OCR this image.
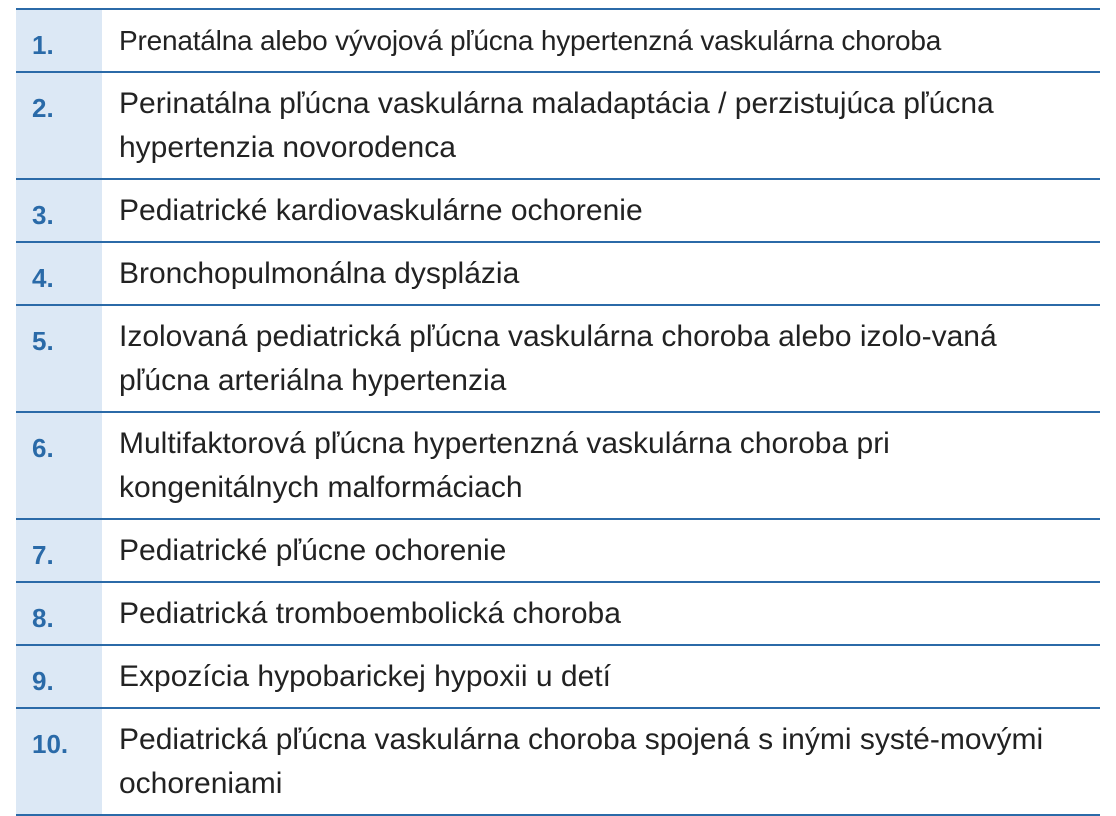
1.	Prenatálna alebo vývojová pľúcna hypertenzná vaskulárna choroba
2.	Perinatálna pľúcna vaskulárna maladaptácia / perzistujúca pľúcna hypertenzia novorodenca
3.	Pediatrické kardiovaskulárne ochorenie
4.	Bronchopulmonálna dysplázia
5.	Izolovaná pediatrická pľúcna vaskulárna choroba alebo izolo-vaná pľúcna arteriálna hypertenzia
6.	Multifaktorová pľúcna hypertenzná vaskulárna choroba pri kongenitálnych malformáciach
7.	Pediatrické pľúcne ochorenie
8.	Pediatrická tromboembolická choroba
9.	Expozícia hypobarickej hypoxii u detí
10.	Pediatrická pľúcna vaskulárna choroba spojená s inými systé-movými ochoreniami
